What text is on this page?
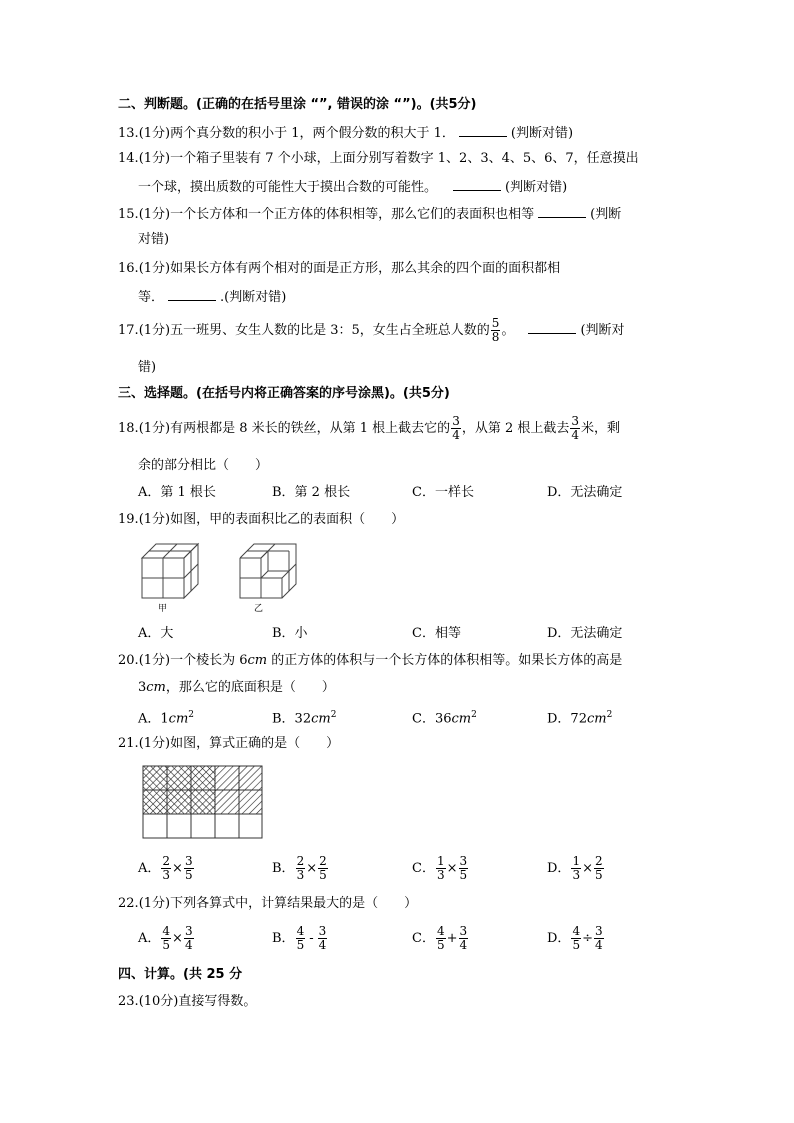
二、判断题。(正确的在括号里涂 “”, 错误的涂 “”)。(共5分)
13.(1分)两个真分数的积小于 1，两个假分数的积大于 1．	(判断对错)
14.(1分)一个箱子里装有 7 个小球，上面分别写着数字 1、2、3、4、5、6、7，任意摸出
一个球，摸出质数的可能性大于摸出合数的可能性。	(判断对错)
15.(1分)一个长方体和一个正方体的体积相等，那么它们的表面积也相等	(判断
对错)
16.(1分)如果长方体有两个相对的面是正方形，那么其余的四个面的面积都相
等．	.(判断对错)
17.(1分)五一班男、女生人数的比是 3：5，女生占全班总人数的 $\frac{5}{8}$ 。	(判断对
错)
三、选择题。(在括号内将正确答案的序号涂黑)。(共5分)
18.(1分)有两根都是 8 米长的铁丝，从第 1 根上截去它的 $\frac{3}{4}$ ，从第 2 根上截去 $\frac{3}{4}$ 米，剩
余的部分相比（　　）
A．第 1 根长	B．第 2 根长	C．一样长	D．无法确定
19.(1分)如图，甲的表面积比乙的表面积（　　）
甲	乙
A．大	B．小	C．相等	D．无法确定
20.(1分)一个棱长为 6cm 的正方体的体积与一个长方体的体积相等。如果长方体的高是
3cm，那么它的底面积是（　　）
A．$1cm^2$	B．$32cm^2$	C．$36cm^2$	D．$72cm^2$
21.(1分)如图，算式正确的是（　　）
A． $\frac{2}{3} \times \frac{3}{5}$	B． $\frac{2}{3} \times \frac{2}{5}$	C． $\frac{1}{3} \times \frac{3}{5}$	D． $\frac{1}{3} \times \frac{2}{5}$
22.(1分)下列各算式中，计算结果最大的是（　　）
A． $\frac{4}{5} \times \frac{3}{4}$	B． $\frac{4}{5} - \frac{3}{4}$	C． $\frac{4}{5} + \frac{3}{4}$	D． $\frac{4}{5} \div \frac{3}{4}$
四、计算。(共 25 分
23.(10分)直接写得数。
